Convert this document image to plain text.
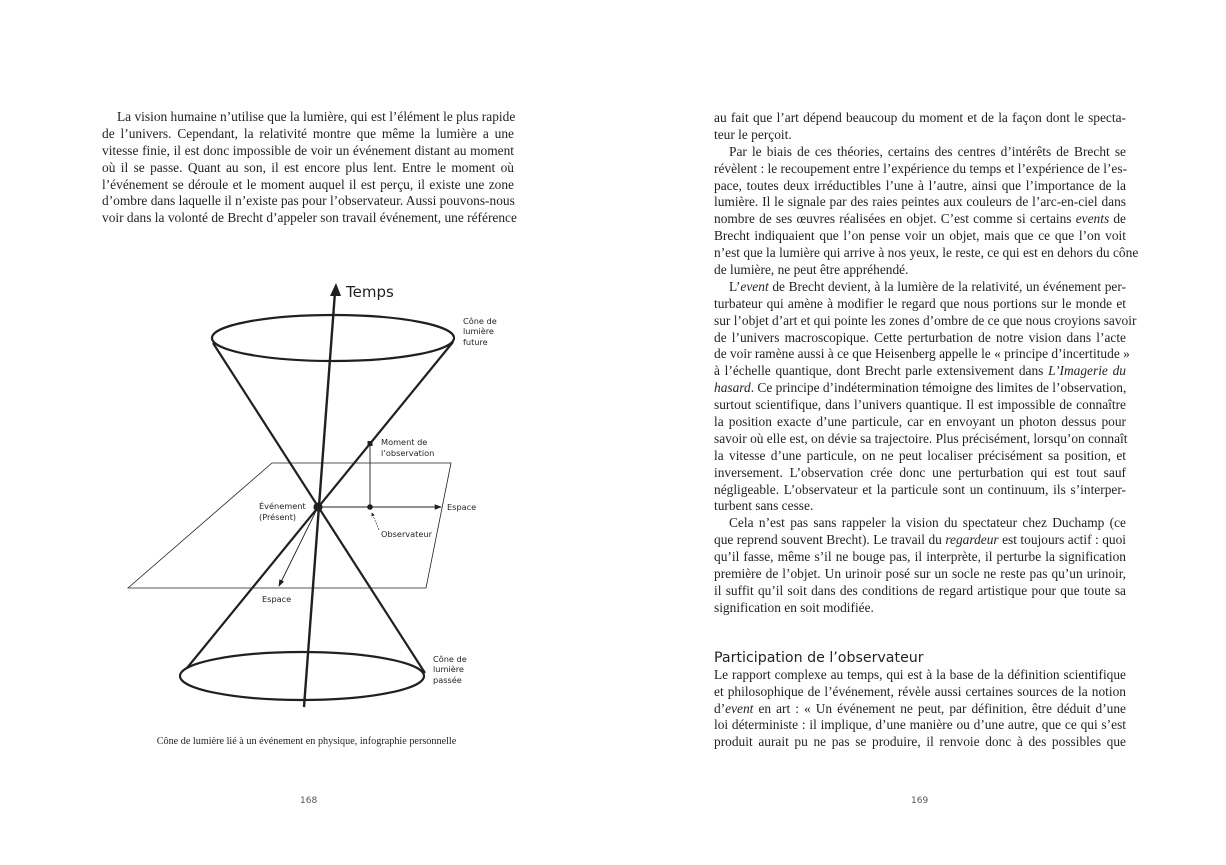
La vision humaine n’utilise que la lumière, qui est l’élément le plus rapide
de l’univers. Cependant, la relativité montre que même la lumière a une
vitesse finie, il est donc impossible de voir un événement distant au moment
où il se passe. Quant au son, il est encore plus lent. Entre le moment où
l’événement se déroule et le moment auquel il est perçu, il existe une zone
d’ombre dans laquelle il n’existe pas pour l’observateur. Aussi pouvons-nous
voir dans la volonté de Brecht d’appeler son travail événement, une référence
Temps
Cône de lumière future
Moment de l’observation
Espace
Événement (Présent)
Observateur
Espace
Cône de lumière passée
Cône de lumière lié à un événement en physique, infographie personnelle
168
au fait que l’art dépend beaucoup du moment et de la façon dont le specta-
teur le perçoit.
Par le biais de ces théories, certains des centres d’intérêts de Brecht se
révèlent : le recoupement entre l’expérience du temps et l’expérience de l’es-
pace, toutes deux irréductibles l’une à l’autre, ainsi que l’importance de la
lumière. Il le signale par des raies peintes aux couleurs de l’arc-en-ciel dans
nombre de ses œuvres réalisées en objet. C’est comme si certains events de
Brecht indiquaient que l’on pense voir un objet, mais que ce que l’on voit
n’est que la lumière qui arrive à nos yeux, le reste, ce qui est en dehors du cône
de lumière, ne peut être appréhendé.
L’event de Brecht devient, à la lumière de la relativité, un événement per-
turbateur qui amène à modifier le regard que nous portions sur le monde et
sur l’objet d’art et qui pointe les zones d’ombre de ce que nous croyions savoir
de l’univers macroscopique. Cette perturbation de notre vision dans l’acte
de voir ramène aussi à ce que Heisenberg appelle le « principe d’incertitude »
à l’échelle quantique, dont Brecht parle extensivement dans L’Imagerie du
hasard. Ce principe d’indétermination témoigne des limites de l’observation,
surtout scientifique, dans l’univers quantique. Il est impossible de connaître
la position exacte d’une particule, car en envoyant un photon dessus pour
savoir où elle est, on dévie sa trajectoire. Plus précisément, lorsqu’on connaît
la vitesse d’une particule, on ne peut localiser précisément sa position, et
inversement. L’observation crée donc une perturbation qui est tout sauf
négligeable. L’observateur et la particule sont un continuum, ils s’interper-
turbent sans cesse.
Cela n’est pas sans rappeler la vision du spectateur chez Duchamp (ce
que reprend souvent Brecht). Le travail du regardeur est toujours actif : quoi
qu’il fasse, même s’il ne bouge pas, il interprète, il perturbe la signification
première de l’objet. Un urinoir posé sur un socle ne reste pas qu’un urinoir,
il suffit qu’il soit dans des conditions de regard artistique pour que toute sa
signification en soit modifiée.
Participation de l’observateur
Le rapport complexe au temps, qui est à la base de la définition scientifique
et philosophique de l’événement, révèle aussi certaines sources de la notion
d’event en art : « Un événement ne peut, par définition, être déduit d’une
loi déterministe : il implique, d’une manière ou d’une autre, que ce qui s’est
produit aurait pu ne pas se produire, il renvoie donc à des possibles que
169
